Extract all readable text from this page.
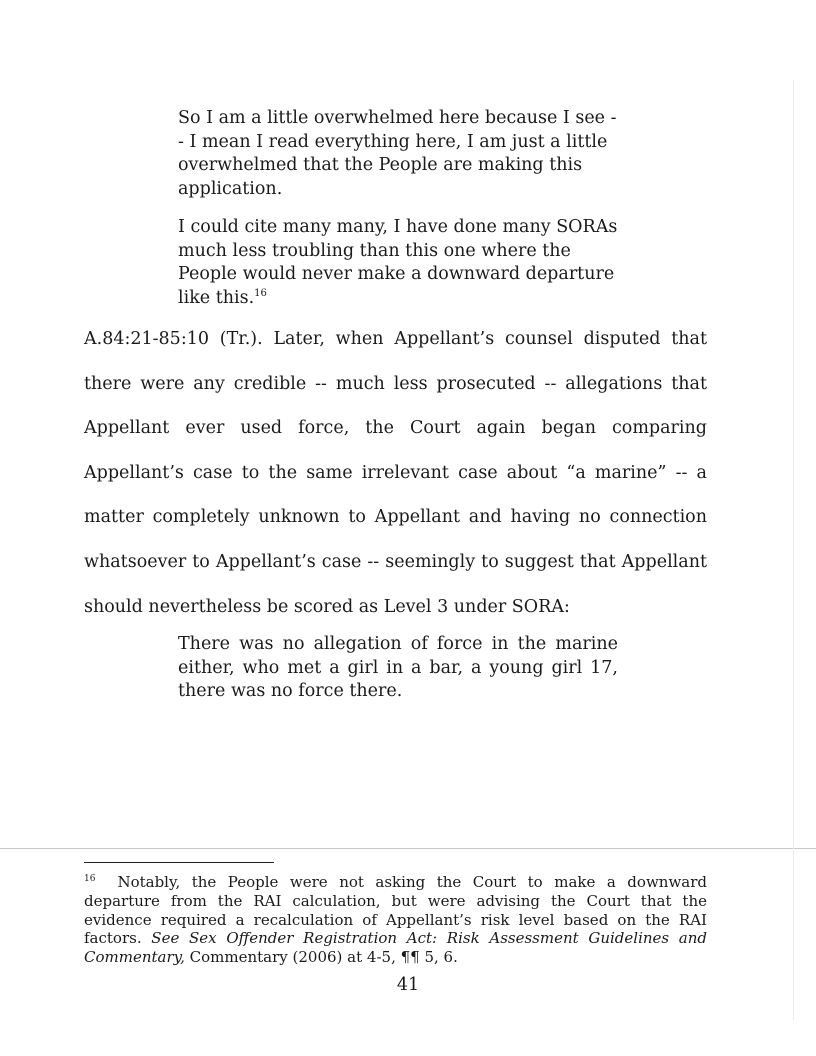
So I am a little overwhelmed here because I see -- I mean I read everything here, I am just a little overwhelmed that the People are making this application.

I could cite many many, I have done many SORAs much less troubling than this one where the People would never make a downward departure like this.$^{16}$

A.84:21-85:10 (Tr.). Later, when Appellant’s counsel disputed that there were any credible -- much less prosecuted -- allegations that Appellant ever used force, the Court again began comparing Appellant’s case to the same irrelevant case about “a marine” -- a matter completely unknown to Appellant and having no connection whatsoever to Appellant’s case -- seemingly to suggest that Appellant should nevertheless be scored as Level 3 under SORA:

There was no allegation of force in the marine either, who met a girl in a bar, a young girl 17, there was no force there.

$^{16}$ Notably, the People were not asking the Court to make a downward departure from the RAI calculation, but were advising the Court that the evidence required a recalculation of Appellant’s risk level based on the RAI factors. See Sex Offender Registration Act: Risk Assessment Guidelines and Commentary, Commentary (2006) at 4-5, ¶¶ 5, 6.

41
